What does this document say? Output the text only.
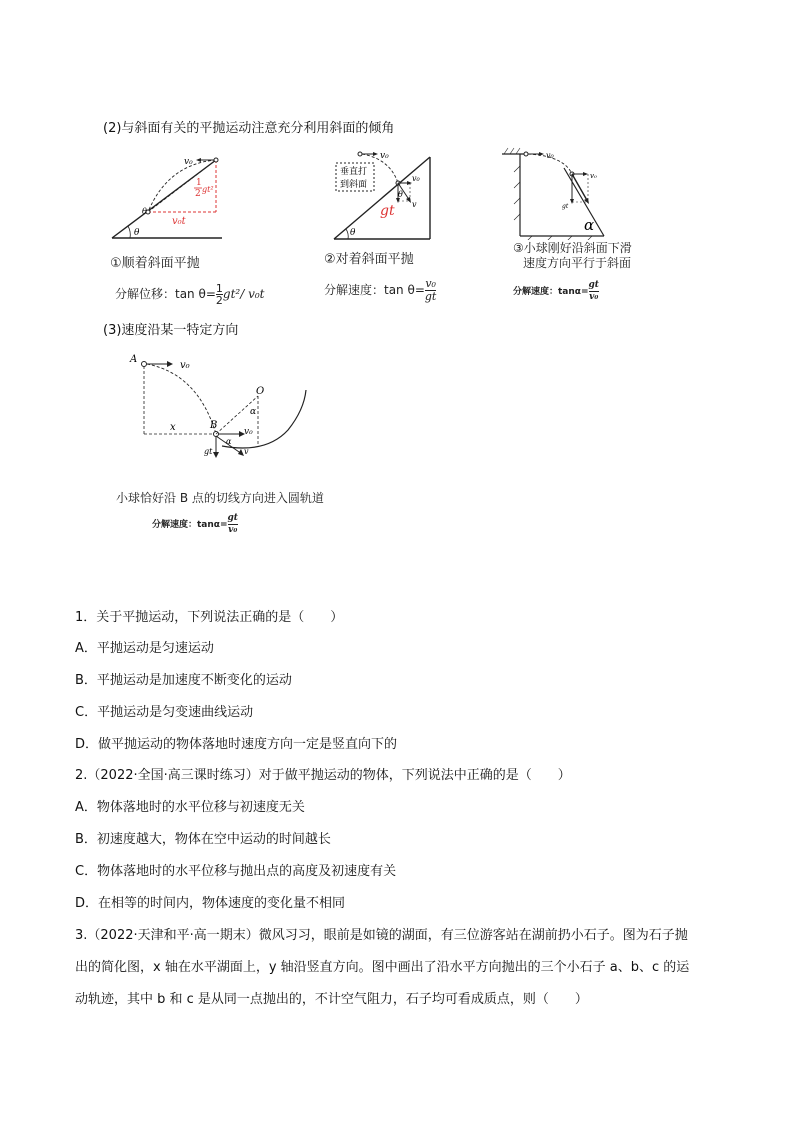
(2)与斜面有关的平抛运动注意充分利用斜面的倾角
v₀
1
2 gt²
v₀t
θ
θ
①顺着斜面平抛
分解位移：$\tan \theta= \frac{1}{2} gt^2/$ v₀t
垂直打
到斜面
v₀
v₀
v
gt
θ
θ
②对着斜面平抛
分解速度：$\tan \theta= \frac{\text{v₀}}{gt}$
v₀
v₀
gt
α
③小球刚好沿斜面下滑
速度方向平行于斜面
分解速度：$\tan\alpha= \frac{gt}{\text{v₀}}$
(3)速度沿某一特定方向
A
v₀
O
α
x	B
v₀
gt
α
v
小球恰好沿 B 点的切线方向进入圆轨道
分解速度：$\tan\alpha= \frac{gt}{\text{v₀}}$
1．关于平抛运动，下列说法正确的是（　　）
A．平抛运动是匀速运动
B．平抛运动是加速度不断变化的运动
C．平抛运动是匀变速曲线运动
D．做平抛运动的物体落地时速度方向一定是竖直向下的
2.（2022·全国·高三课时练习）对于做平抛运动的物体，下列说法中正确的是（　　）
A．物体落地时的水平位移与初速度无关
B．初速度越大，物体在空中运动的时间越长
C．物体落地时的水平位移与抛出点的高度及初速度有关
D．在相等的时间内，物体速度的变化量不相同
3.（2022·天津和平·高一期末）微风习习，眼前是如镜的湖面，有三位游客站在湖前扔小石子。图为石子抛
出的简化图，x 轴在水平湖面上，y 轴沿竖直方向。图中画出了沿水平方向抛出的三个小石子 a、b、c 的运
动轨迹，其中 b 和 c 是从同一点抛出的，不计空气阻力，石子均可看成质点，则（　　）
